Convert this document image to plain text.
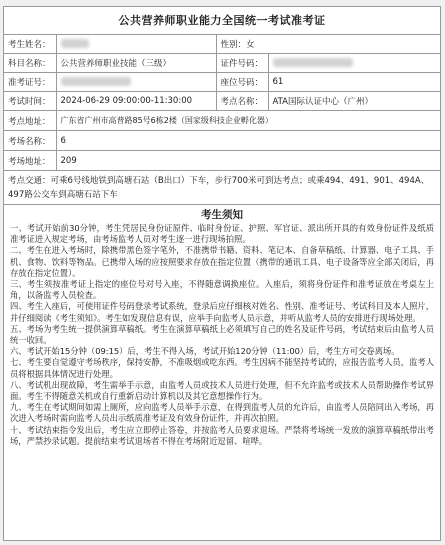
公共营养师职业能力全国统一考试准考证
考生姓名：		性别：女	
科目名称：	公共营养师职业技能（三级）	证件号码：	
准考证号：		座位号码：	61
考试时间：	2024-06-29 09:00:00-11:30:00	考点名称：	ATA国际认证中心（广州）
考点地址：	广东省广州市高普路85号6栋2楼（国家级科技企业孵化器）		
考场名称：	6		
考场地址：	209		
考点交通：可乘6号线地铁到高塘石站（B出口）下车，步行700米可到达考点；或乘494、491、901、494A、497路公交车到高塘石站下车			
考生须知

一、考试开始前30分钟，考生凭居民身份证原件、临时身份证、护照、军官证、派出所开具的有效身份证件及纸质准考证进入规定考场，由考场监考人员对考生逐一进行现场拍照。

二、考生在进入考场时，除携带黑色签字笔外，不准携带书籍、资料、笔记本、自备草稿纸、计算器、电子工具、手机、食物、饮料等物品。已携带入场的应按照要求存放在指定位置（携带的通讯工具、电子设备等应全部关闭后，再存放在指定位置）。

三、考生须按准考证上指定的座位号对号入座，不得随意调换座位。入座后，须将身份证件和准考证放在考桌左上角，以备监考人员检查。

四、考生入座后，可使用证件号码登录考试系统，登录后应仔细核对姓名、性别、准考证号、考试科目及本人照片，并仔细阅读《考生须知》。考生如发现信息有误，应举手向监考人员示意，并听从监考人员的安排进行现场处理。

五、考场为考生统一提供演算草稿纸。考生在演算草稿纸上必须填写自己的姓名及证件号码，考试结束后由监考人员统一收回。

六、考试开始15分钟（09:15）后，考生不得入场，考试开始120分钟（11:00）后，考生方可交卷离场。

七、考生要自觉遵守考场秩序，保持安静，不准吸烟或吃东西。考生因病不能坚持考试的，应报告监考人员，监考人员将根据具体情况进行处理。

八、考试机出现故障，考生需举手示意，由监考人员或技术人员进行处理，但不允许监考或技术人员帮助操作考试界面。考生不得随意关机或自行重新启动计算机以及其它意想操作行为。

九、考生在考试期间如需上厕所，应向监考人员举手示意，在得到监考人员的允许后，由监考人员陪同出入考场，再次进入考场时需向监考人员出示纸质准考证及有效身份证件，并再次拍照。

十、考试结束指令发出后，考生应立即停止答卷，并按监考人员要求退场。严禁将考场统一发放的演算草稿纸带出考场，严禁抄录试题。提前结束考试退场者不得在考场附近逗留、喧哗。
